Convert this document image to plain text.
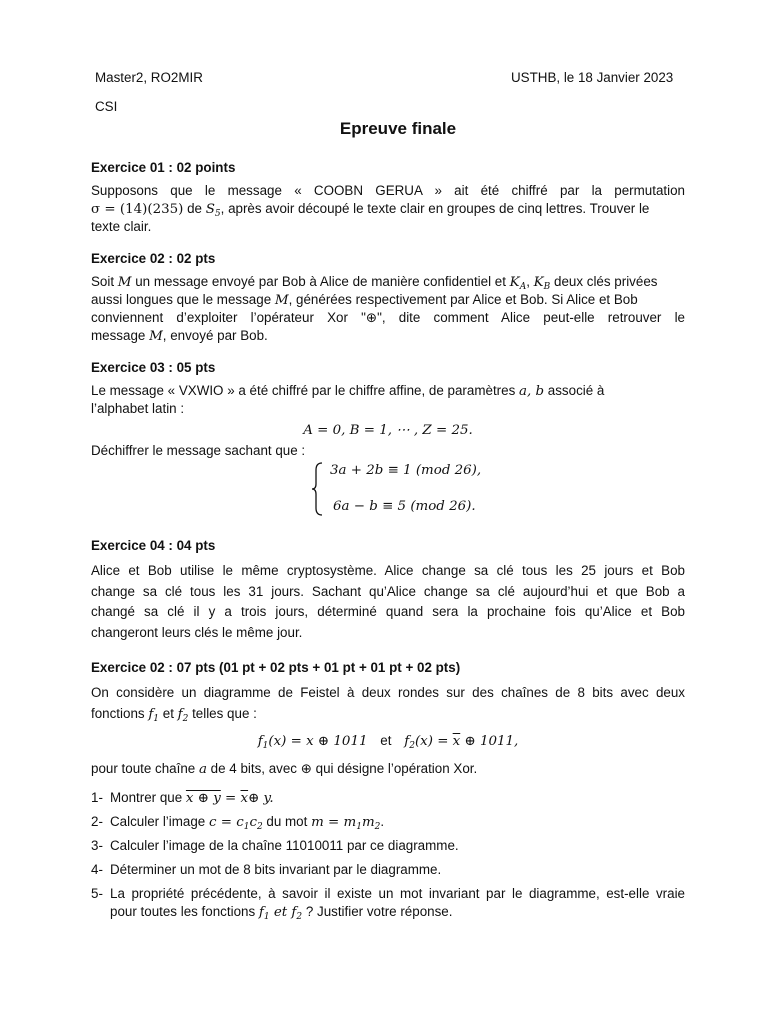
Master2, RO2MIR	USTHB, le 18 Janvier 2023
CSI
Epreuve finale
Exercice 01 : 02 points
Supposons que le message « COOBN GERUA » ait été chiffré par la permutation
σ = (14)(235) de $S_5$, après avoir découpé le texte clair en groupes de cinq lettres. Trouver le
texte clair.
Exercice 02 : 02 pts
Soit M un message envoyé par Bob à Alice de manière confidentiel et $K_A$, $K_B$ deux clés privées
aussi longues que le message M, générées respectivement par Alice et Bob. Si Alice et Bob
conviennent d’exploiter l’opérateur Xor "⊕", dite comment Alice peut-elle retrouver le
message M, envoyé par Bob.
Exercice 03 : 05 pts
Le message « VXWIO » a été chiffré par le chiffre affine, de paramètres a, b associé à
l’alphabet latin :
A = 0, B = 1, ⋯ , Z = 25.
Déchiffrer le message sachant que :
3a + 2b ≡ 1 (mod 26),
6a − b ≡ 5 (mod 26).
Exercice 04 : 04 pts
Alice et Bob utilise le même cryptosystème. Alice change sa clé tous les 25 jours et Bob
change sa clé tous les 31 jours. Sachant qu’Alice change sa clé aujourd’hui et que Bob a
changé sa clé il y a trois jours, déterminé quand sera la prochaine fois qu’Alice et Bob
changeront leurs clés le même jour.
Exercice 02 : 07 pts (01 pt + 02 pts + 01 pt + 01 pt + 02 pts)
On considère un diagramme de Feistel à deux rondes sur des chaînes de 8 bits avec deux
fonctions $f_1$ et $f_2$ telles que :
$f_1(x) = x$ ⊕ 1011 et $f_2(x) = \overline{x}$ ⊕ 1011,
pour toute chaîne a de 4 bits, avec ⊕ qui désigne l’opération Xor.
1- Montrer que x ⊕ $y = \overline{x}\oplus$ y.
2- Calculer l’image $c = c_1c_2$ du mot $m = m_1m_2$.
3- Calculer l’image de la chaîne 11010011 par ce diagramme.
4- Déterminer un mot de 8 bits invariant par le diagramme.
5- La propriété précédente, à savoir il existe un mot invariant par le diagramme, est-elle vraie
pour toutes les fonctions $f_1$ et $f_2$ ? Justifier votre réponse.
